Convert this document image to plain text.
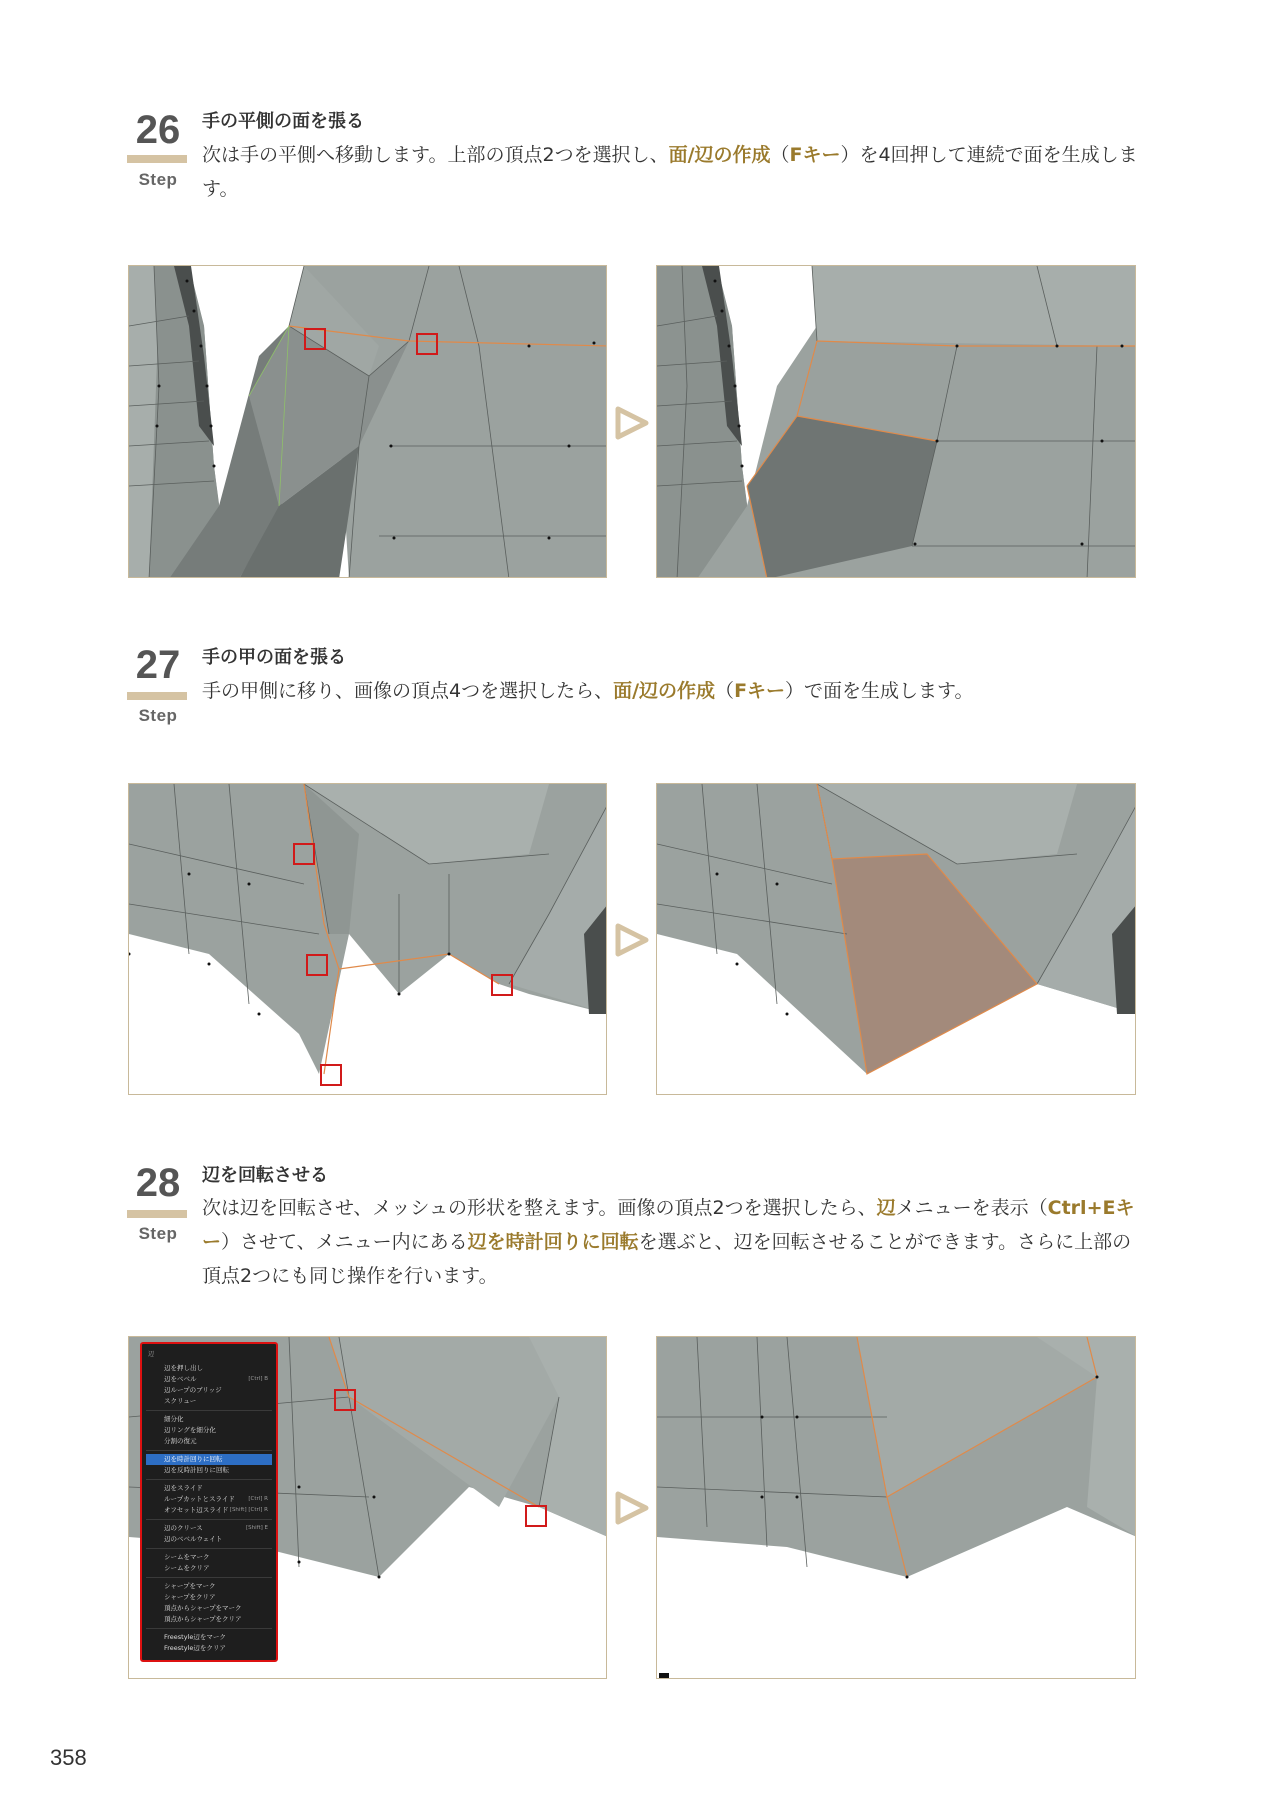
26
Step
手の平側の面を張る
次は手の平側へ移動します。上部の頂点2つを選択し、面/辺の作成（Fキー）を4回押して連続で面を生成します。
27
Step
手の甲の面を張る
手の甲側に移り、画像の頂点4つを選択したら、面/辺の作成（Fキー）で面を生成します。
28
Step
辺を回転させる
次は辺を回転させ、メッシュの形状を整えます。画像の頂点2つを選択したら、辺メニューを表示（Ctrl+Eキー）させて、メニュー内にある辺を時計回りに回転を選ぶと、辺を回転させることができます。さらに上部の頂点2つにも同じ操作を行います。
辺
辺を押し出し
辺をベベル	[Ctrl] B
辺ループのブリッジ
スクリュー
細分化
辺リングを細分化
分割の復元
辺を時計回りに回転
辺を反時計回りに回転
辺をスライド
ループカットとスライド [Ctrl] R
オフセット辺スライド [Shift] [Ctrl] R
辺のクリース	[Shift] E
辺のベベルウェイト
シームをマーク
シームをクリア
シャープをマーク
シャープをクリア
頂点からシャープをマーク
頂点からシャープをクリア
Freestyle辺をマーク
Freestyle辺をクリア
358
